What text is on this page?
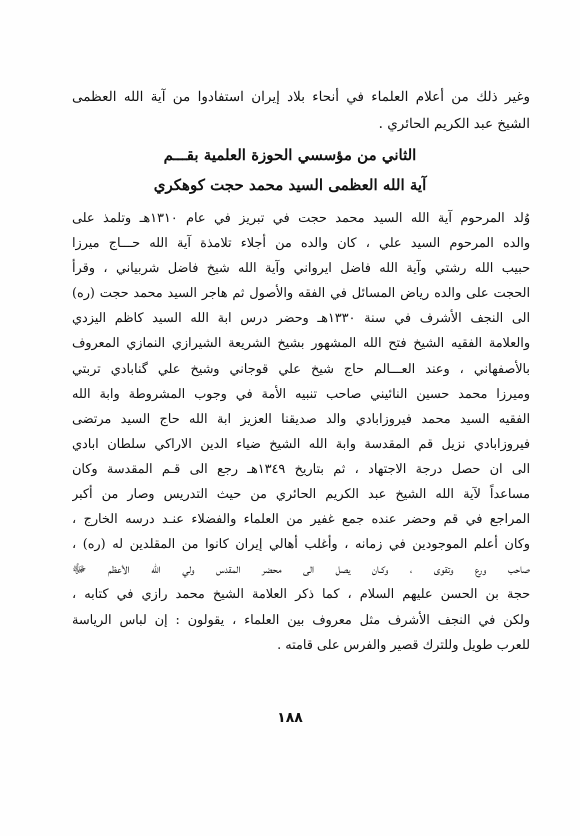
وغير ذلك من أعلام العلماء في أنحاء بلاد إيران استفادوا من آية الله العظمى
الشيخ عبد الكريم الحائري .
الثاني من مؤسسي الحوزة العلمية بقـــم
آية الله العظمى السيد محمد حجت كوهكري
وُلد المرحوم آية الله السيد محمد حجت في تبريز في عام ١٣١٠هـ وتلمذ على
والده المرحوم السيد علي ، كان والده من أجلاء تلامذة آية الله حـــاج ميرزا
حبيب الله رشتي وآية الله فاضل ايرواني وآية الله شيخ فاضل شربياني ، وقرأ
الحجت على والده رياض المسائل في الفقه والأصول ثم هاجر السيد محمد حجت (ره)
الى النجف الأشرف في سنة ١٣٣٠هـ وحضر درس ابة الله السيد كاظم اليزدي
والعلامة الفقيه الشيخ فتح الله المشهور بشيخ الشريعة الشيرازي النمازي المعروف
بالأصفهاني ، وعند العـــالم حاج شيخ علي قوجاني وشيخ علي گنابادي تربتي
وميرزا محمد حسين النائيني صاحب تنبيه الأمة في وجوب المشروطة وابة الله
الفقيه السيد محمد فيروزابادي والد صديقنا العزيز ابة الله حاج السيد مرتضى
فيروزابادي نزيل قم المقدسة وابة الله الشيخ ضياء الدين الاراكي سلطان ابادي
الى ان حصل درجة الاجتهاد ، ثم بتاريخ ١٣٤٩هـ رجع الى قـم المقدسة وكان
مساعداً لآية الله الشيخ عبد الكريم الحائري من حيث التدريس وصار من أكبر
المراجع في قم وحضر عنده جمع غفير من العلماء والفضلاء عنـد درسه الخارج ،
وكان أعلم الموجودين في زمانه ، وأغلب أهالي إيران كانوا من المقلدين له (ره) ،
صاحب ورع وتقوى ، وكـان يصل الى محضر المقدس ولي الله الأعظم ﷻ
حجة بن الحسن عليهم السلام ، كما ذكر العلامة الشيخ محمد رازي في كتابه ،
ولكن في النجف الأشرف مثل معروف بين العلماء ، يقولون : إن لباس الرياسة
للعرب طويل وللترك قصير والفرس على قامته .
١٨٨
